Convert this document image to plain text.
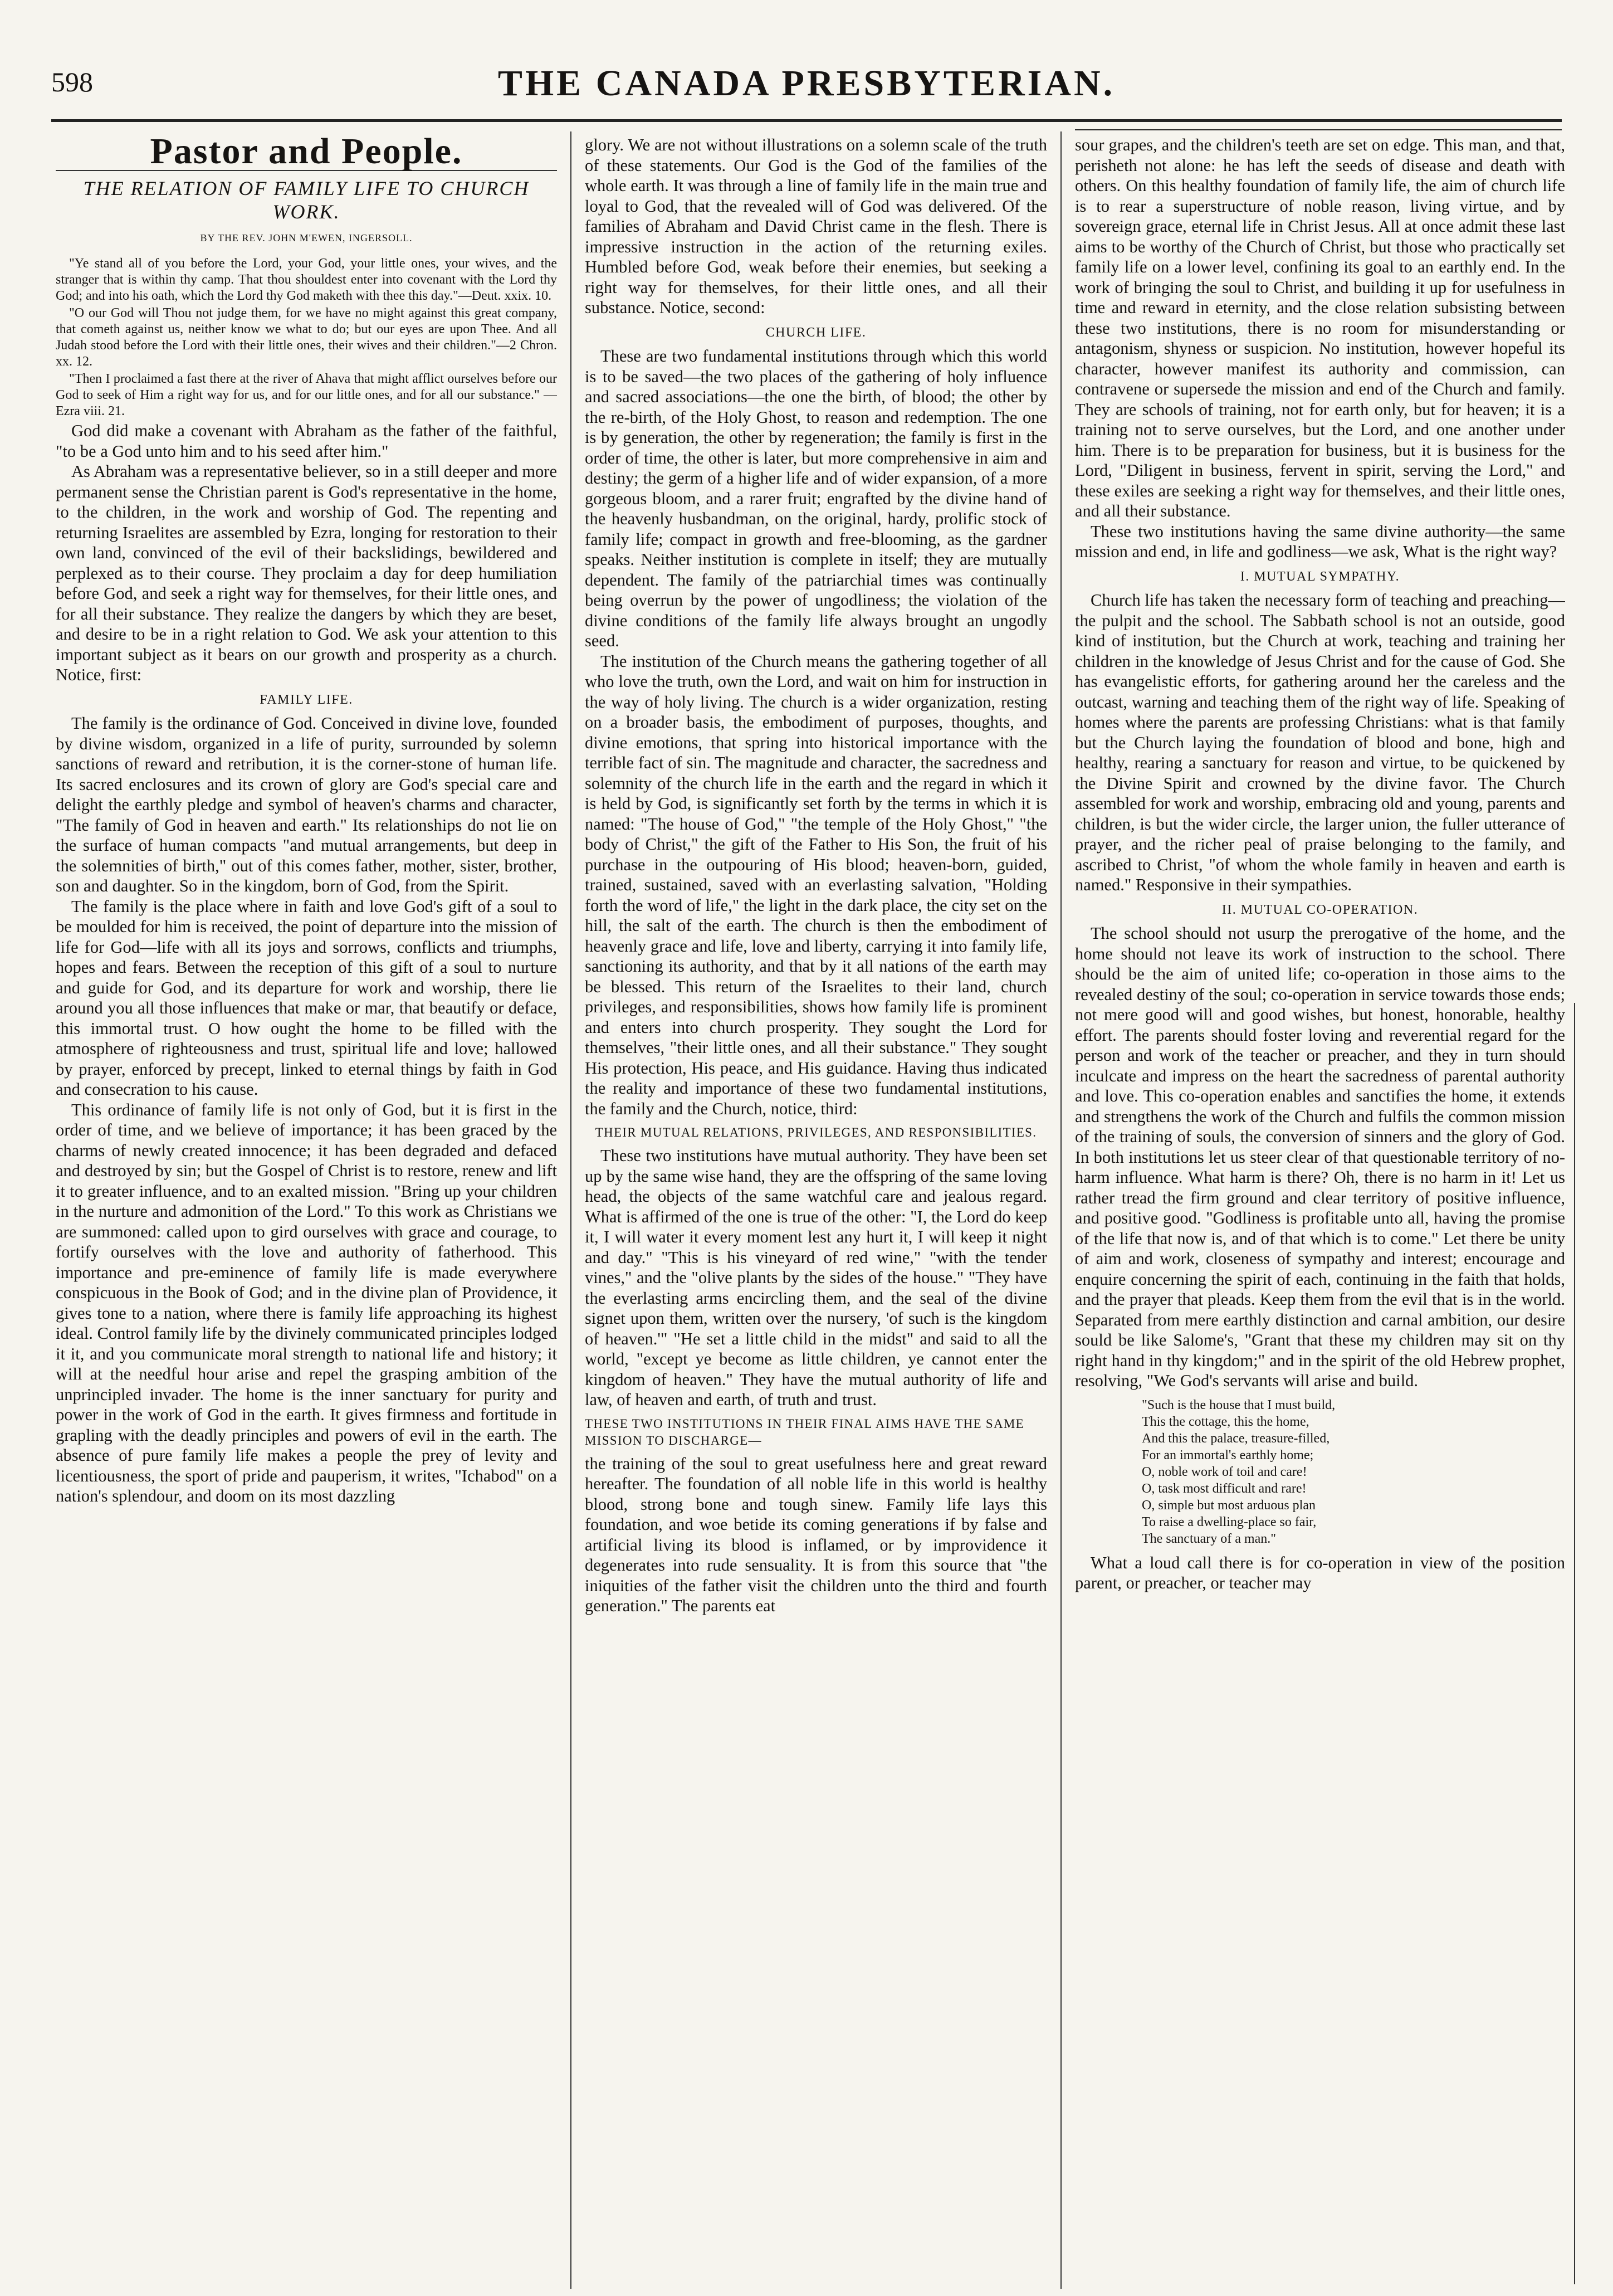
598	THE CANADA PRESBYTERIAN.
Pastor and People.
THE RELATION OF FAMILY LIFE TO CHURCH WORK.
BY THE REV. JOHN M'EWEN, INGERSOLL.
"Ye stand all of you before the Lord, your God, your little ones, your wives, and the stranger that is within thy camp. That thou shouldest enter into covenant with the Lord thy God; and into his oath, which the Lord thy God maketh with thee this day."—Deut. xxix. 10.
"O our God will Thou not judge them, for we have no might against this great company, that cometh against us, neither know we what to do; but our eyes are upon Thee. And all Judah stood before the Lord with their little ones, their wives and their children."—2 Chron. xx. 12.
"Then I proclaimed a fast there at the river of Ahava that might afflict ourselves before our God to seek of Him a right way for us, and for our little ones, and for all our substance." —Ezra viii. 21.

God did make a covenant with Abraham as the father of the faithful, "to be a God unto him and to his seed after him."

As Abraham was a representative believer, so in a still deeper and more permanent sense the Christian parent is God's representative in the home, to the children, in the work and worship of God. The repenting and returning Israelites are assembled by Ezra, longing for restoration to their own land, convinced of the evil of their backslidings, bewildered and perplexed as to their course. They proclaim a day for deep humiliation before God, and seek a right way for themselves, for their little ones, and for all their substance. They realize the dangers by which they are beset, and desire to be in a right relation to God. We ask your attention to this important subject as it bears on our growth and prosperity as a church. Notice, first:

FAMILY LIFE.

The family is the ordinance of God. Conceived in divine love, founded by divine wisdom, organized in a life of purity, surrounded by solemn sanctions of reward and retribution, it is the corner-stone of human life. Its sacred enclosures and its crown of glory are God's special care and delight the earthly pledge and symbol of heaven's charms and character, "The family of God in heaven and earth." Its relationships do not lie on the surface of human compacts "and mutual arrangements, but deep in the solemnities of birth," out of this comes father, mother, sister, brother, son and daughter. So in the kingdom, born of God, from the Spirit.

The family is the place where in faith and love God's gift of a soul to be moulded for him is received, the point of departure into the mission of life for God—life with all its joys and sorrows, conflicts and triumphs, hopes and fears. Between the reception of this gift of a soul to nurture and guide for God, and its departure for work and worship, there lie around you all those influences that make or mar, that beautify or deface, this immortal trust. O how ought the home to be filled with the atmosphere of righteousness and trust, spiritual life and love; hallowed by prayer, enforced by precept, linked to eternal things by faith in God and consecration to his cause.

This ordinance of family life is not only of God, but it is first in the order of time, and we believe of importance; it has been graced by the charms of newly created innocence; it has been degraded and defaced and destroyed by sin; but the Gospel of Christ is to restore, renew and lift it to greater influence, and to an exalted mission. "Bring up your children in the nurture and admonition of the Lord." To this work as Christians we are summoned: called upon to gird ourselves with grace and courage, to fortify ourselves with the love and authority of fatherhood. This importance and pre-eminence of family life is made everywhere conspicuous in the Book of God; and in the divine plan of Providence, it gives tone to a nation, where there is family life approaching its highest ideal. Control family life by the divinely communicated principles lodged it it, and you communicate moral strength to national life and history; it will at the needful hour arise and repel the grasping ambition of the unprincipled invader. The home is the inner sanctuary for purity and power in the work of God in the earth. It gives firmness and fortitude in grapling with the deadly principles and powers of evil in the earth. The absence of pure family life makes a people the prey of levity and licentiousness, the sport of pride and pauperism, it writes, "Ichabod" on a nation's splendour, and doom on its most dazzling

glory. We are not without illustrations on a solemn scale of the truth of these statements. Our God is the God of the families of the whole earth. It was through a line of family life in the main true and loyal to God, that the revealed will of God was delivered. Of the families of Abraham and David Christ came in the flesh. There is impressive instruction in the action of the returning exiles. Humbled before God, weak before their enemies, but seeking a right way for themselves, for their little ones, and all their substance. Notice, second:

CHURCH LIFE.

These are two fundamental institutions through which this world is to be saved—the two places of the gathering of holy influence and sacred associations—the one the birth, of blood; the other by the re-birth, of the Holy Ghost, to reason and redemption. The one is by generation, the other by regeneration; the family is first in the order of time, the other is later, but more comprehensive in aim and destiny; the germ of a higher life and of wider expansion, of a more gorgeous bloom, and a rarer fruit; engrafted by the divine hand of the heavenly husbandman, on the original, hardy, prolific stock of family life; compact in growth and free-blooming, as the gardner speaks. Neither institution is complete in itself; they are mutually dependent. The family of the patriarchial times was continually being overrun by the power of ungodliness; the violation of the divine conditions of the family life always brought an ungodly seed.

The institution of the Church means the gathering together of all who love the truth, own the Lord, and wait on him for instruction in the way of holy living. The church is a wider organization, resting on a broader basis, the embodiment of purposes, thoughts, and divine emotions, that spring into historical importance with the terrible fact of sin. The magnitude and character, the sacredness and solemnity of the church life in the earth and the regard in which it is held by God, is significantly set forth by the terms in which it is named: "The house of God," "the temple of the Holy Ghost," "the body of Christ," the gift of the Father to His Son, the fruit of his purchase in the outpouring of His blood; heaven-born, guided, trained, sustained, saved with an everlasting salvation, "Holding forth the word of life," the light in the dark place, the city set on the hill, the salt of the earth. The church is then the embodiment of heavenly grace and life, love and liberty, carrying it into family life, sanctioning its authority, and that by it all nations of the earth may be blessed. This return of the Israelites to their land, church privileges, and responsibilities, shows how family life is prominent and enters into church prosperity. They sought the Lord for themselves, "their little ones, and all their substance." They sought His protection, His peace, and His guidance. Having thus indicated the reality and importance of these two fundamental institutions, the family and the Church, notice, third:

THEIR MUTUAL RELATIONS, PRIVILEGES, AND RESPONSIBILITIES.

These two institutions have mutual authority. They have been set up by the same wise hand, they are the offspring of the same loving head, the objects of the same watchful care and jealous regard. What is affirmed of the one is true of the other: "I, the Lord do keep it, I will water it every moment lest any hurt it, I will keep it night and day." "This is his vineyard of red wine," "with the tender vines," and the "olive plants by the sides of the house." "They have the everlasting arms encircling them, and the seal of the divine signet upon them, written over the nursery, 'of such is the kingdom of heaven.'" "He set a little child in the midst" and said to all the world, "except ye become as little children, ye cannot enter the kingdom of heaven." They have the mutual authority of life and law, of heaven and earth, of truth and trust.

THESE TWO INSTITUTIONS IN THEIR FINAL AIMS HAVE THE SAME MISSION TO DISCHARGE—

the training of the soul to great usefulness here and great reward hereafter. The foundation of all noble life in this world is healthy blood, strong bone and tough sinew. Family life lays this foundation, and woe betide its coming generations if by false and artificial living its blood is inflamed, or by improvidence it degenerates into rude sensuality. It is from this source that "the iniquities of the father visit the children unto the third and fourth generation." The parents eat

sour grapes, and the children's teeth are set on edge. This man, and that, perisheth not alone: he has left the seeds of disease and death with others. On this healthy foundation of family life, the aim of church life is to rear a superstructure of noble reason, living virtue, and by sovereign grace, eternal life in Christ Jesus. All at once admit these last aims to be worthy of the Church of Christ, but those who practically set family life on a lower level, confining its goal to an earthly end. In the work of bringing the soul to Christ, and building it up for usefulness in time and reward in eternity, and the close relation subsisting between these two institutions, there is no room for misunderstanding or antagonism, shyness or suspicion. No institution, however hopeful its character, however manifest its authority and commission, can contravene or supersede the mission and end of the Church and family. They are schools of training, not for earth only, but for heaven; it is a training not to serve ourselves, but the Lord, and one another under him. There is to be preparation for business, but it is business for the Lord, "Diligent in business, fervent in spirit, serving the Lord," and these exiles are seeking a right way for themselves, and their little ones, and all their substance.

These two institutions having the same divine authority—the same mission and end, in life and godliness—we ask, What is the right way?

I. MUTUAL SYMPATHY.

Church life has taken the necessary form of teaching and preaching—the pulpit and the school. The Sabbath school is not an outside, good kind of institution, but the Church at work, teaching and training her children in the knowledge of Jesus Christ and for the cause of God. She has evangelistic efforts, for gathering around her the careless and the outcast, warning and teaching them of the right way of life. Speaking of homes where the parents are professing Christians: what is that family but the Church laying the foundation of blood and bone, high and healthy, rearing a sanctuary for reason and virtue, to be quickened by the Divine Spirit and crowned by the divine favor. The Church assembled for work and worship, embracing old and young, parents and children, is but the wider circle, the larger union, the fuller utterance of prayer, and the richer peal of praise belonging to the family, and ascribed to Christ, "of whom the whole family in heaven and earth is named." Responsive in their sympathies.

II. MUTUAL CO-OPERATION.

The school should not usurp the prerogative of the home, and the home should not leave its work of instruction to the school. There should be the aim of united life; co-operation in those aims to the revealed destiny of the soul; co-operation in service towards those ends; not mere good will and good wishes, but honest, honorable, healthy effort. The parents should foster loving and reverential regard for the person and work of the teacher or preacher, and they in turn should inculcate and impress on the heart the sacredness of parental authority and love. This co-operation enables and sanctifies the home, it extends and strengthens the work of the Church and fulfils the common mission of the training of souls, the conversion of sinners and the glory of God. In both institutions let us steer clear of that questionable territory of no-harm influence. What harm is there? Oh, there is no harm in it! Let us rather tread the firm ground and clear territory of positive influence, and positive good. "Godliness is profitable unto all, having the promise of the life that now is, and of that which is to come." Let there be unity of aim and work, closeness of sympathy and interest; encourage and enquire concerning the spirit of each, continuing in the faith that holds, and the prayer that pleads. Keep them from the evil that is in the world. Separated from mere earthly distinction and carnal ambition, our desire sould be like Salome's, "Grant that these my children may sit on thy right hand in thy kingdom;" and in the spirit of the old Hebrew prophet, resolving, "We God's servants will arise and build.

"Such is the house that I must build,
This the cottage, this the home,
And this the palace, treasure-filled,
For an immortal's earthly home;
O, noble work of toil and care!
O, task most difficult and rare!
O, simple but most arduous plan
To raise a dwelling-place so fair,
The sanctuary of a man."

What a loud call there is for co-operation in view of the position parent, or preacher, or teacher may
